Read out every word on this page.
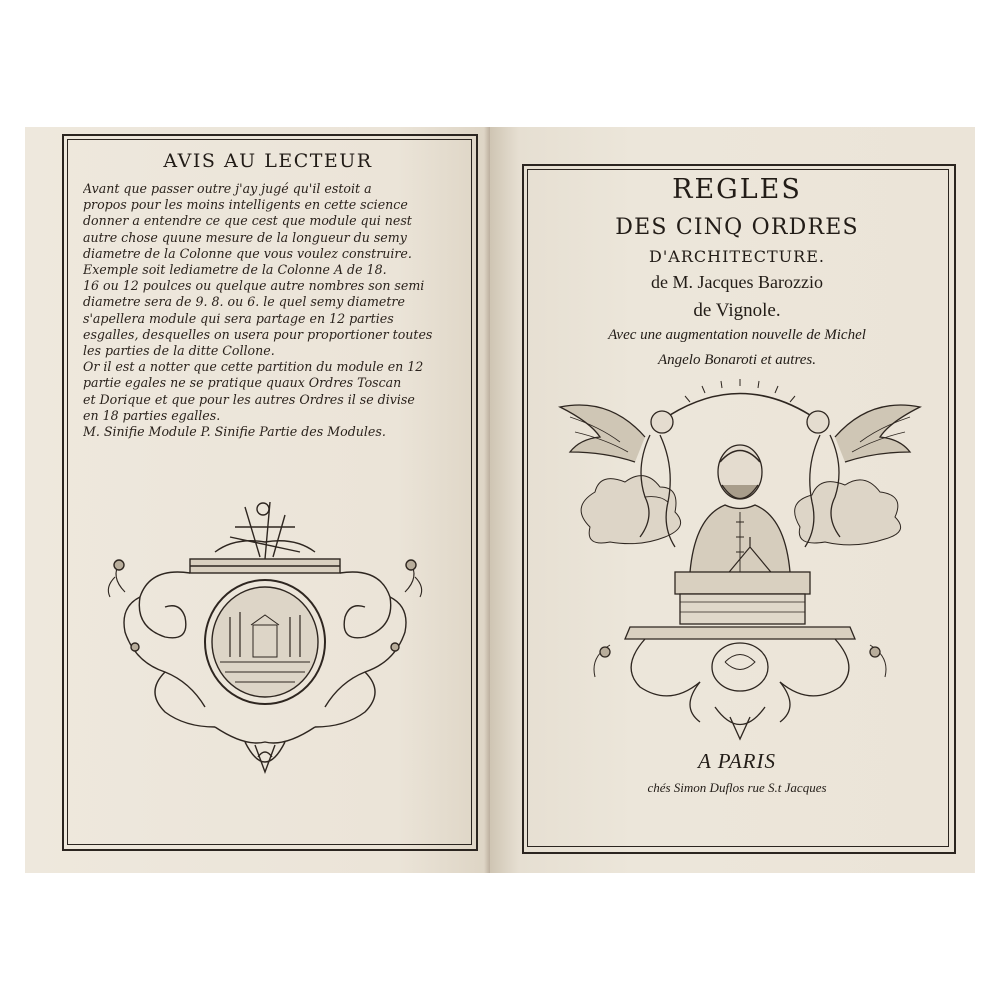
AVIS AU LECTEUR
Avant que passer outre j'ay jugé qu'il estoit a
propos pour les moins intelligents en cette science
donner a entendre ce que cest que module qui nest
autre chose quune mesure de la longueur du semy
diametre de la Colonne que vous voulez construire.
Exemple soit lediametre de la Colonne A de 18.
16 ou 12 poulces ou quelque autre nombres son semi
diametre sera de 9. 8. ou 6. le quel semy diametre
s'apellera module qui sera partage en 12 parties
esgalles, desquelles on usera pour proportioner toutes
les parties de la ditte Collone.
Or il est a notter que cette partition du module en 12
partie egales ne se pratique quaux Ordres Toscan
et Dorique et que pour les autres Ordres il se divise
en 18 parties egalles.
M. Sinifie Module P. Sinifie Partie des Modules.
REGLES
DES CINQ ORDRES
D'ARCHITECTURE.
de M. Jacques Barozzio
de Vignole.
Avec une augmentation nouvelle de Michel
Angelo Bonaroti et autres.
A PARIS
chés Simon Duflos rue S.t Jacques
